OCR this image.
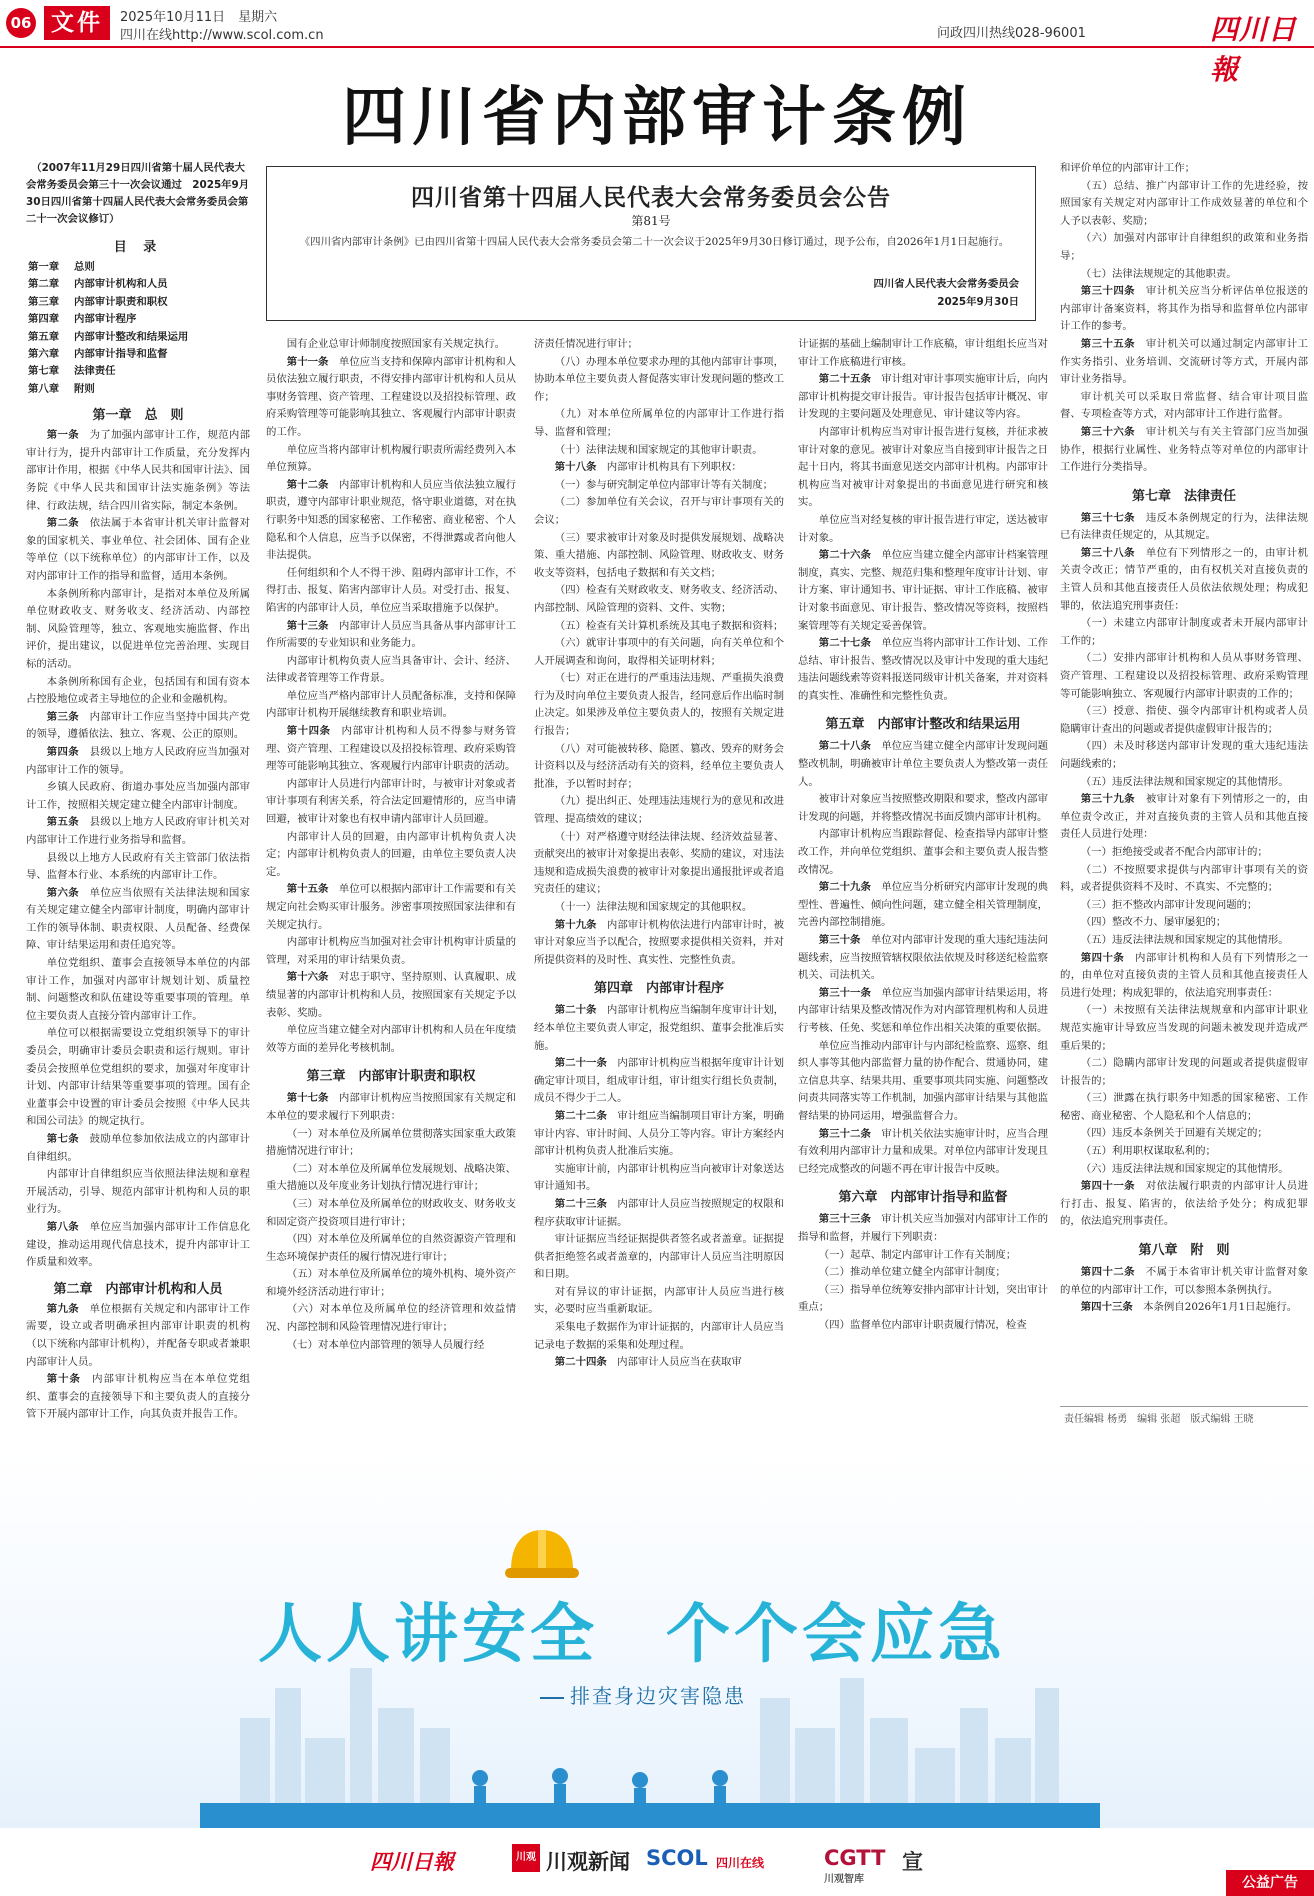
06 文件	2025年10月11日　星期六
四川在线http://www.scol.com.cn	问政四川热线028-96001	四川日報
四川省内部审计条例
（2007年11月29日四川省第十届人民代表大会常务委员会第三十一次会议通过　2025年9月30日四川省第十四届人民代表大会常务委员会第二十一次会议修订）
目 录
第一章 总则
第二章 内部审计机构和人员
第三章 内部审计职责和职权
第四章 内部审计程序
第五章 内部审计整改和结果运用
第六章 内部审计指导和监督
第七章 法律责任
第八章 附则
第一章　总　则

第一条　 为了加强内部审计工作，规范内部审计行为，提升内部审计工作质量，充分发挥内部审计作用，根据《中华人民共和国审计法》、国务院《中华人民共和国审计法实施条例》等法律、行政法规，结合四川省实际，制定本条例。

第二条　 依法属于本省审计机关审计监督对象的国家机关、事业单位、社会团体、国有企业等单位（以下统称单位）的内部审计工作，以及对内部审计工作的指导和监督，适用本条例。

本条例所称内部审计，是指对本单位及所属单位财政收支、财务收支、经济活动、内部控制、风险管理等，独立、客观地实施监督、作出评价，提出建议，以促进单位完善治理、实现目标的活动。

本条例所称国有企业，包括国有和国有资本占控股地位或者主导地位的企业和金融机构。

第三条　 内部审计工作应当坚持中国共产党的领导，遵循依法、独立、客观、公正的原则。

第四条　 县级以上地方人民政府应当加强对内部审计工作的领导。

乡镇人民政府、街道办事处应当加强内部审计工作，按照相关规定建立健全内部审计制度。

第五条　 县级以上地方人民政府审计机关对内部审计工作进行业务指导和监督。

县级以上地方人民政府有关主管部门依法指导、监督本行业、本系统的内部审计工作。

第六条　 单位应当依照有关法律法规和国家有关规定建立健全内部审计制度，明确内部审计工作的领导体制、职责权限、人员配备、经费保障、审计结果运用和责任追究等。

单位党组织、董事会直接领导本单位的内部审计工作，加强对内部审计规划计划、质量控制、问题整改和队伍建设等重要事项的管理。单位主要负责人直接分管内部审计工作。

单位可以根据需要设立党组织领导下的审计委员会，明确审计委员会职责和运行规则。审计委员会按照单位党组织的要求，加强对年度审计计划、内部审计结果等重要事项的管理。国有企业董事会中设置的审计委员会按照《中华人民共和国公司法》的规定执行。

第七条　 鼓励单位参加依法成立的内部审计自律组织。

内部审计自律组织应当依照法律法规和章程开展活动，引导、规范内部审计机构和人员的职业行为。

第八条　 单位应当加强内部审计工作信息化建设，推动运用现代信息技术，提升内部审计工作质量和效率。

第二章　内部审计机构和人员

第九条　 单位根据有关规定和内部审计工作需要，设立或者明确承担内部审计职责的机构（以下统称内部审计机构），并配备专职或者兼职内部审计人员。

第十条　 内部审计机构应当在本单位党组织、董事会的直接领导下和主要负责人的直接分管下开展内部审计工作，向其负责并报告工作。

四川省第十四届人民代表大会常务委员会公告
第81号
《四川省内部审计条例》已由四川省第十四届人民代表大会常务委员会第二十一次会议于2025年9月30日修订通过，现予公布，自2026年1月1日起施行。
四川省人民代表大会常务委员会
2025年9月30日

国有企业总审计师制度按照国家有关规定执行。

第十一条　 单位应当支持和保障内部审计机构和人员依法独立履行职责，不得安排内部审计机构和人员从事财务管理、资产管理、工程建设以及招投标管理、政府采购管理等可能影响其独立、客观履行内部审计职责的工作。

单位应当将内部审计机构履行职责所需经费列入本单位预算。

第十二条　 内部审计机构和人员应当依法独立履行职责，遵守内部审计职业规范，恪守职业道德，对在执行职务中知悉的国家秘密、工作秘密、商业秘密、个人隐私和个人信息，应当予以保密，不得泄露或者向他人非法提供。

任何组织和个人不得干涉、阻碍内部审计工作，不得打击、报复、陷害内部审计人员。对受打击、报复、陷害的内部审计人员，单位应当采取措施予以保护。

第十三条　 内部审计人员应当具备从事内部审计工作所需要的专业知识和业务能力。

内部审计机构负责人应当具备审计、会计、经济、法律或者管理等工作背景。

单位应当严格内部审计人员配备标准，支持和保障内部审计机构开展继续教育和职业培训。

第十四条　 内部审计机构和人员不得参与财务管理、资产管理、工程建设以及招投标管理、政府采购管理等可能影响其独立、客观履行内部审计职责的活动。

内部审计人员进行内部审计时，与被审计对象或者审计事项有利害关系，符合法定回避情形的，应当申请回避，被审计对象也有权申请内部审计人员回避。

内部审计人员的回避，由内部审计机构负责人决定；内部审计机构负责人的回避，由单位主要负责人决定。

第十五条　 单位可以根据内部审计工作需要和有关规定向社会购买审计服务。涉密事项按照国家法律和有关规定执行。

内部审计机构应当加强对社会审计机构审计质量的管理，对采用的审计结果负责。

第十六条　 对忠于职守、坚持原则、认真履职、成绩显著的内部审计机构和人员，按照国家有关规定予以表彰、奖励。

单位应当建立健全对内部审计机构和人员在年度绩效等方面的差异化考核机制。

第三章　内部审计职责和职权

第十七条　 内部审计机构应当按照国家有关规定和本单位的要求履行下列职责：

（一）对本单位及所属单位贯彻落实国家重大政策措施情况进行审计；

（二）对本单位及所属单位发展规划、战略决策、重大措施以及年度业务计划执行情况进行审计；

（三）对本单位及所属单位的财政收支、财务收支和固定资产投资项目进行审计；

（四）对本单位及所属单位的自然资源资产管理和生态环境保护责任的履行情况进行审计；

（五）对本单位及所属单位的境外机构、境外资产和境外经济活动进行审计；

（六）对本单位及所属单位的经济管理和效益情况、内部控制和风险管理情况进行审计；

（七）对本单位内部管理的领导人员履行经

济责任情况进行审计；

（八）办理本单位要求办理的其他内部审计事项，协助本单位主要负责人督促落实审计发现问题的整改工作；

（九）对本单位所属单位的内部审计工作进行指导、监督和管理；

（十）法律法规和国家规定的其他审计职责。

第十八条　 内部审计机构具有下列职权：

（一）参与研究制定单位内部审计等有关制度；

（二）参加单位有关会议，召开与审计事项有关的会议；

（三）要求被审计对象及时提供发展规划、战略决策、重大措施、内部控制、风险管理、财政收支、财务收支等资料，包括电子数据和有关文档；

（四）检查有关财政收支、财务收支、经济活动、内部控制、风险管理的资料、文件、实物；

（五）检查有关计算机系统及其电子数据和资料；

（六）就审计事项中的有关问题，向有关单位和个人开展调查和询问，取得相关证明材料；

（七）对正在进行的严重违法违规、严重损失浪费行为及时向单位主要负责人报告，经同意后作出临时制止决定。如果涉及单位主要负责人的，按照有关规定进行报告；

（八）对可能被转移、隐匿、篡改、毁弃的财务会计资料以及与经济活动有关的资料，经单位主要负责人批准，予以暂时封存；

（九）提出纠正、处理违法违规行为的意见和改进管理、提高绩效的建议；

（十）对严格遵守财经法律法规、经济效益显著、贡献突出的被审计对象提出表彰、奖励的建议，对违法违规和造成损失浪费的被审计对象提出通报批评或者追究责任的建议；

（十一）法律法规和国家规定的其他职权。

第十九条　 内部审计机构依法进行内部审计时，被审计对象应当予以配合，按照要求提供相关资料，并对所提供资料的及时性、真实性、完整性负责。

第四章　内部审计程序

第二十条　 内部审计机构应当编制年度审计计划，经本单位主要负责人审定，报党组织、董事会批准后实施。

第二十一条　 内部审计机构应当根据年度审计计划确定审计项目，组成审计组，审计组实行组长负责制，成员不得少于二人。

第二十二条　 审计组应当编制项目审计方案，明确审计内容、审计时间、人员分工等内容。审计方案经内部审计机构负责人批准后实施。

实施审计前，内部审计机构应当向被审计对象送达审计通知书。

第二十三条　 内部审计人员应当按照规定的权限和程序获取审计证据。

审计证据应当经证据提供者签名或者盖章。证据提供者拒绝签名或者盖章的，内部审计人员应当注明原因和日期。

对有异议的审计证据，内部审计人员应当进行核实，必要时应当重新取证。

采集电子数据作为审计证据的，内部审计人员应当记录电子数据的采集和处理过程。

第二十四条　 内部审计人员应当在获取审

计证据的基础上编制审计工作底稿，审计组组长应当对审计工作底稿进行审核。

第二十五条　 审计组对审计事项实施审计后，向内部审计机构提交审计报告。审计报告包括审计概况、审计发现的主要问题及处理意见、审计建议等内容。

内部审计机构应当对审计报告进行复核，并征求被审计对象的意见。被审计对象应当自接到审计报告之日起十日内，将其书面意见送交内部审计机构。内部审计机构应当对被审计对象提出的书面意见进行研究和核实。

单位应当对经复核的审计报告进行审定，送达被审计对象。

第二十六条　 单位应当建立健全内部审计档案管理制度，真实、完整、规范归集和整理年度审计计划、审计方案、审计通知书、审计证据、审计工作底稿、被审计对象书面意见、审计报告、整改情况等资料，按照档案管理等有关规定妥善保管。

第二十七条　 单位应当将内部审计工作计划、工作总结、审计报告、整改情况以及审计中发现的重大违纪违法问题线索等资料报送同级审计机关备案，并对资料的真实性、准确性和完整性负责。

第五章　内部审计整改和结果运用

第二十八条　 单位应当建立健全内部审计发现问题整改机制，明确被审计单位主要负责人为整改第一责任人。

被审计对象应当按照整改期限和要求，整改内部审计发现的问题，并将整改情况书面反馈内部审计机构。

内部审计机构应当跟踪督促、检查指导内部审计整改工作，并向单位党组织、董事会和主要负责人报告整改情况。

第二十九条　 单位应当分析研究内部审计发现的典型性、普遍性、倾向性问题，建立健全相关管理制度，完善内部控制措施。

第三十条　 单位对内部审计发现的重大违纪违法问题线索，应当按照管辖权限依法依规及时移送纪检监察机关、司法机关。

第三十一条　 单位应当加强内部审计结果运用，将内部审计结果及整改情况作为对内部管理机构和人员进行考核、任免、奖惩和单位作出相关决策的重要依据。

单位应当推动内部审计与内部纪检监察、巡察、组织人事等其他内部监督力量的协作配合、贯通协同，建立信息共享、结果共用、重要事项共同实施、问题整改问责共同落实等工作机制，加强内部审计结果与其他监督结果的协同运用，增强监督合力。

第三十二条　 审计机关依法实施审计时，应当合理有效利用内部审计力量和成果。对单位内部审计发现且已经完成整改的问题不再在审计报告中反映。

第六章　内部审计指导和监督

第三十三条　 审计机关应当加强对内部审计工作的指导和监督，并履行下列职责：

（一）起草、制定内部审计工作有关制度；

（二）推动单位建立健全内部审计制度；

（三）指导单位统筹安排内部审计计划，突出审计重点；

（四）监督单位内部审计职责履行情况，检查

和评价单位的内部审计工作；

（五）总结、推广内部审计工作的先进经验，按照国家有关规定对内部审计工作成效显著的单位和个人予以表彰、奖励；

（六）加强对内部审计自律组织的政策和业务指导；

（七）法律法规规定的其他职责。

第三十四条　 审计机关应当分析评估单位报送的内部审计备案资料，将其作为指导和监督单位内部审计工作的参考。

第三十五条　 审计机关可以通过制定内部审计工作实务指引、业务培训、交流研讨等方式，开展内部审计业务指导。

审计机关可以采取日常监督、结合审计项目监督、专项检查等方式，对内部审计工作进行监督。

第三十六条　 审计机关与有关主管部门应当加强协作，根据行业属性、业务特点等对单位的内部审计工作进行分类指导。

第七章　法律责任

第三十七条　 违反本条例规定的行为，法律法规已有法律责任规定的，从其规定。

第三十八条　 单位有下列情形之一的，由审计机关责令改正；情节严重的，由有权机关对直接负责的主管人员和其他直接责任人员依法依规处理；构成犯罪的，依法追究刑事责任：

（一）未建立内部审计制度或者未开展内部审计工作的；

（二）安排内部审计机构和人员从事财务管理、资产管理、工程建设以及招投标管理、政府采购管理等可能影响独立、客观履行内部审计职责的工作的；

（三）授意、指使、强令内部审计机构或者人员隐瞒审计查出的问题或者提供虚假审计报告的；

（四）未及时移送内部审计发现的重大违纪违法问题线索的；

（五）违反法律法规和国家规定的其他情形。

第三十九条　 被审计对象有下列情形之一的，由单位责令改正，并对直接负责的主管人员和其他直接责任人员进行处理：

（一）拒绝接受或者不配合内部审计的；

（二）不按照要求提供与内部审计事项有关的资料，或者提供资料不及时、不真实、不完整的；

（三）拒不整改内部审计发现问题的；

（四）整改不力、屡审屡犯的；

（五）违反法律法规和国家规定的其他情形。

第四十条　 内部审计机构和人员有下列情形之一的，由单位对直接负责的主管人员和其他直接责任人员进行处理；构成犯罪的，依法追究刑事责任：

（一）未按照有关法律法规规章和内部审计职业规范实施审计导致应当发现的问题未被发现并造成严重后果的；

（二）隐瞒内部审计发现的问题或者提供虚假审计报告的；

（三）泄露在执行职务中知悉的国家秘密、工作秘密、商业秘密、个人隐私和个人信息的；

（四）违反本条例关于回避有关规定的；

（五）利用职权谋取私利的；

（六）违反法律法规和国家规定的其他情形。

第四十一条　 对依法履行职责的内部审计人员进行打击、报复、陷害的，依法给予处分；构成犯罪的，依法追究刑事责任。

第八章　附　则

第四十二条　 不属于本省审计机关审计监督对象的单位的内部审计工作，可以参照本条例执行。

第四十三条　 本条例自2026年1月1日起施行。

责任编辑 杨勇　编辑 张超　版式编辑 王晓
人人讲安全　 个个会应急
排查身边灾害隐患
四川日報	川观 川观新闻 SCOL 四川在线	CGTT
川观智库
宣
公益广告
